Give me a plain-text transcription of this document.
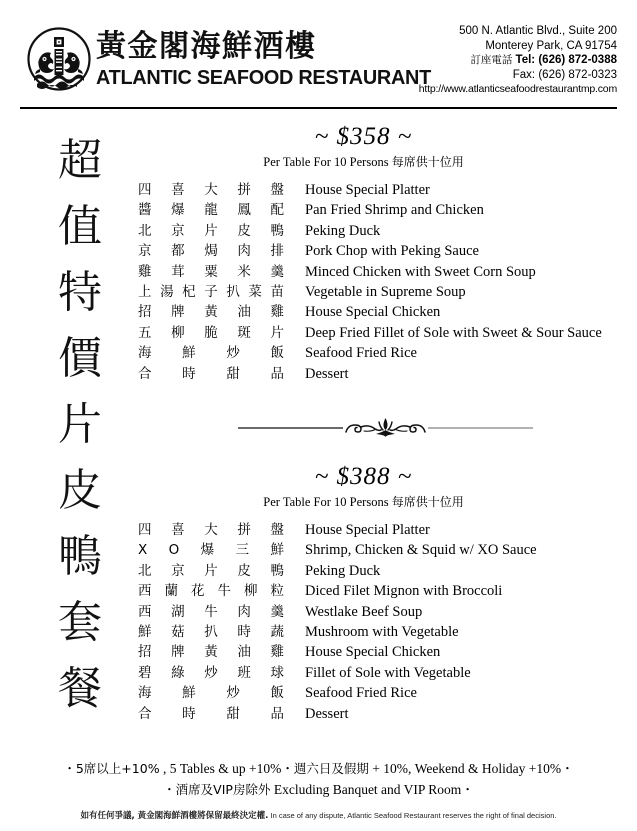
黃金閣海鮮酒樓
ATLANTIC SEAFOOD RESTAURANT
500 N. Atlantic Blvd., Suite 200
Monterey Park, CA 91754
訂座電話 Tel: (626) 872-0388
Fax: (626) 872-0323
http://www.atlanticseafoodrestaurantmp.com
超
值
特
價
片
皮
鴨
套
餐
~ $358 ~
Per Table For 10 Persons 每席供十位用
四 喜 大 拼 盤	House Special Platter
醬 爆 龍 鳳 配	Pan Fried Shrimp and Chicken
北 京 片 皮 鴨	Peking Duck
京 都 焗 肉 排	Pork Chop with Peking Sauce
雞 茸 粟 米 羹	Minced Chicken with Sweet Corn Soup
上 湯 杞 子 扒 菜 苗	Vegetable in Supreme Soup
招 牌 黃 油 雞	House Special Chicken
五 柳 脆 斑 片	Deep Fried Fillet of Sole with Sweet & Sour Sauce
海 鮮 炒 飯	Seafood Fried Rice
合 時 甜 品	Dessert
~ $388 ~
Per Table For 10 Persons 每席供十位用
四 喜 大 拼 盤	House Special Platter
X O 爆 三 鮮	Shrimp, Chicken & Squid w/ XO Sauce
北 京 片 皮 鴨	Peking Duck
西 蘭 花 牛 柳 粒	Diced Filet Mignon with Broccoli
西 湖 牛 肉 羹	Westlake Beef Soup
鮮 菇 扒 時 蔬	Mushroom with Vegetable
招 牌 黃 油 雞	House Special Chicken
碧 綠 炒 班 球	Fillet of Sole with Vegetable
海 鮮 炒 飯	Seafood Fried Rice
合 時 甜 品	Dessert
・5席以上+10% , 5 Tables & up +10%・週六日及假期 + 10%, Weekend & Holiday +10%・
・酒席及VIP房除外 Excluding Banquet and VIP Room・
如有任何爭議, 黃金閣海鮮酒樓將保留最終決定權. In case of any dispute, Atlantic Seafood Restaurant reserves the right of final decision.
